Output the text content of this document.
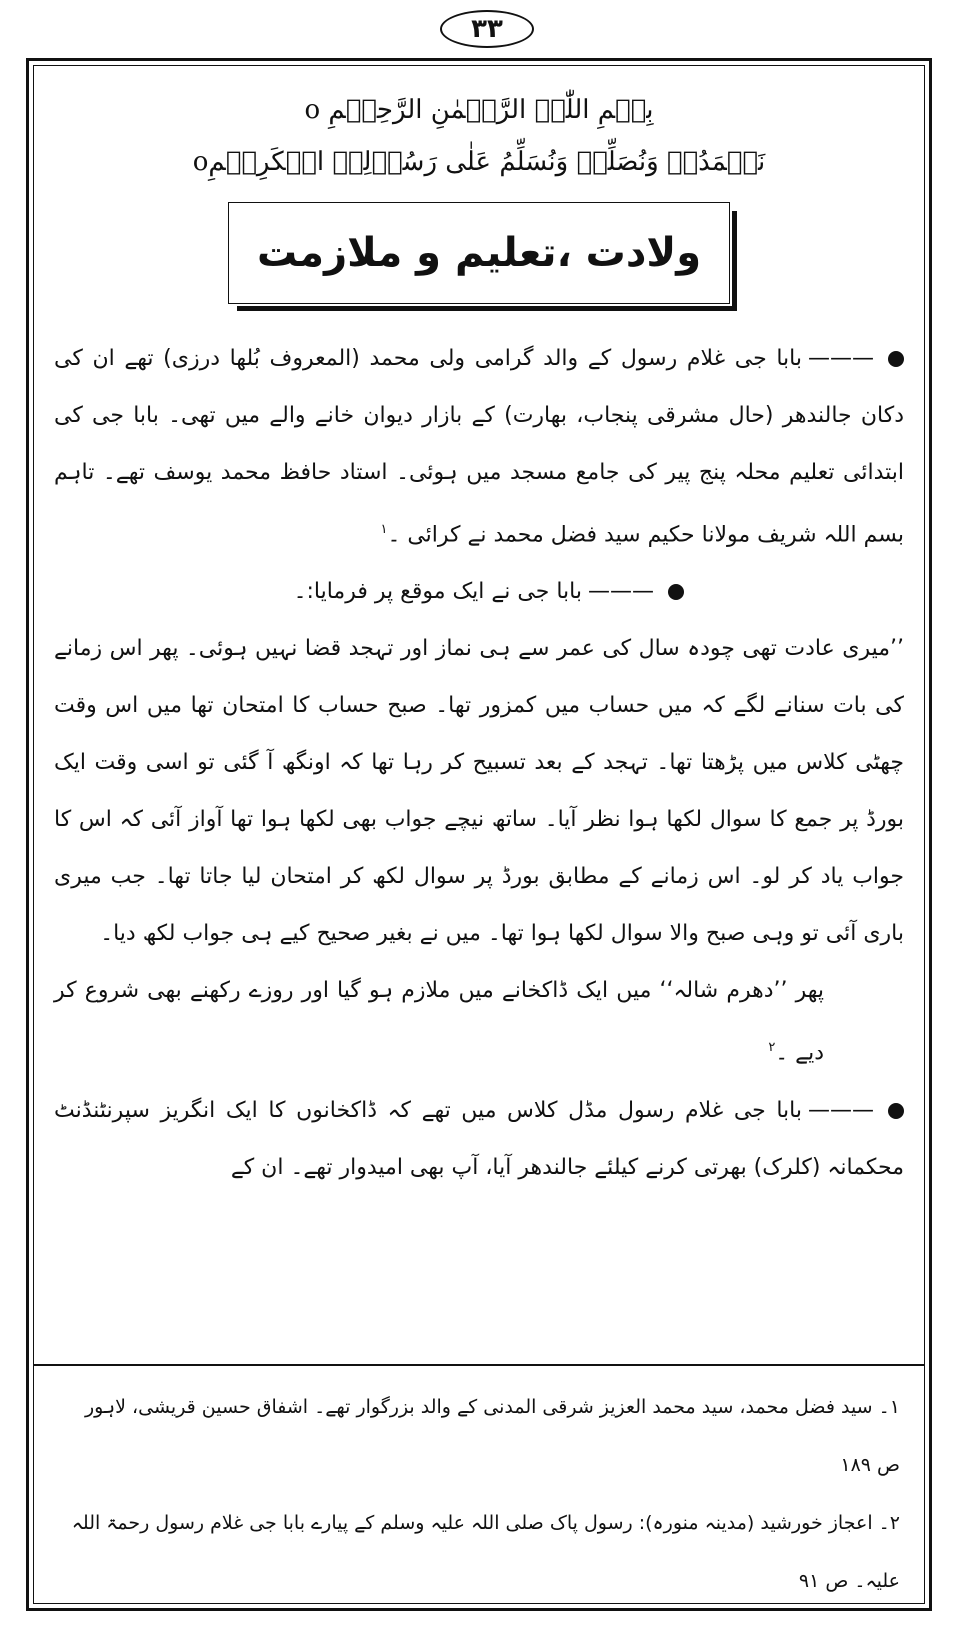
۳۳
بِسۡمِ اللّٰہِ الرَّحۡمٰنِ الرَّحِیۡمِ o
نَحۡمَدُہٗ وَنُصَلِّیۡ وَنُسَلِّمُ عَلٰی رَسُوۡلِہِ الۡکَرِیۡمِo
ولادت ،تعلیم و ملازمت

———بابا جی غلام رسول کے والد گرامی ولی محمد (المعروف بُلھا درزی) تھے ان کی دکان جالندھر (حال مشرقی پنجاب، بھارت) کے بازار دیوان خانے والے میں تھی۔ بابا جی کی ابتدائی تعلیم محلہ پنج پیر کی جامع مسجد میں ہوئی۔ استاد حافظ محمد یوسف تھے۔ تاہم بسم اللہ شریف مولانا حکیم سید فضل محمد نے کرائی ۔$^۱$

———بابا جی نے ایک موقع پر فرمایا:۔

’’میری عادت تھی چودہ سال کی عمر سے ہی نماز اور تہجد قضا نہیں ہوئی۔ پھر اس زمانے کی بات سنانے لگے کہ میں حساب میں کمزور تھا۔ صبح حساب کا امتحان تھا میں اس وقت چھٹی کلاس میں پڑھتا تھا۔ تہجد کے بعد تسبیح کر رہا تھا کہ اونگھ آ گئی تو اسی وقت ایک بورڈ پر جمع کا سوال لکھا ہوا نظر آیا۔ ساتھ نیچے جواب بھی لکھا ہوا تھا آواز آئی کہ اس کا جواب یاد کر لو۔ اس زمانے کے مطابق بورڈ پر سوال لکھ کر امتحان لیا جاتا تھا۔ جب میری باری آئی تو وہی صبح والا سوال لکھا ہوا تھا۔ میں نے بغیر صحیح کیے ہی جواب لکھ دیا۔

پھر ’’دھرم شالہ‘‘ میں ایک ڈاکخانے میں ملازم ہو گیا اور روزے رکھنے بھی شروع کر دیے ۔$^۲$

———بابا جی غلام رسول مڈل کلاس میں تھے کہ ڈاکخانوں کا ایک انگریز سپرنٹنڈنٹ محکمانہ (کلرک) بھرتی کرنے کیلئے جالندھر آیا، آپ بھی امیدوار تھے۔ ان کے

۱۔ سید فضل محمد، سید محمد العزیز شرقی المدنی کے والد بزرگوار تھے۔ اشفاق حسین قریشی، لاہور ص ۱۸۹

۲۔ اعجاز خورشید (مدینہ منورہ): رسول پاک صلی اللہ علیہ وسلم کے پیارے بابا جی غلام رسول رحمۃ اللہ علیہ۔ ص ۹۱
